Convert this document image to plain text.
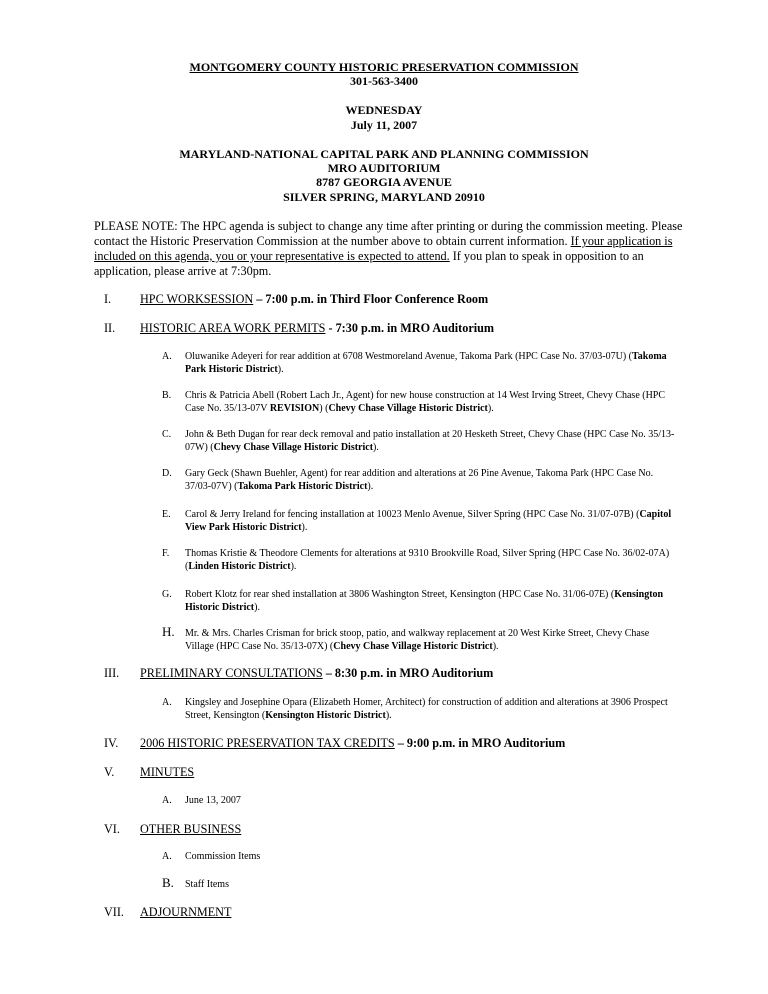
MONTGOMERY COUNTY HISTORIC PRESERVATION COMMISSION
301-563-3400
WEDNESDAY
July 11, 2007
MARYLAND-NATIONAL CAPITAL PARK AND PLANNING COMMISSION
MRO AUDITORIUM
8787 GEORGIA AVENUE
SILVER SPRING, MARYLAND 20910
PLEASE NOTE: The HPC agenda is subject to change any time after printing or during the commission meeting. Please contact the Historic Preservation Commission at the number above to obtain current information. If your application is included on this agenda, you or your representative is expected to attend. If you plan to speak in opposition to an application, please arrive at 7:30pm.
I. HPC WORKSESSION – 7:00 p.m. in Third Floor Conference Room
II. HISTORIC AREA WORK PERMITS - 7:30 p.m. in MRO Auditorium
A. Oluwanike Adeyeri for rear addition at 6708 Westmoreland Avenue, Takoma Park (HPC Case No. 37/03-07U) (Takoma Park Historic District).
B. Chris & Patricia Abell (Robert Lach Jr., Agent) for new house construction at 14 West Irving Street, Chevy Chase (HPC Case No. 35/13-07V REVISION) (Chevy Chase Village Historic District).
C. John & Beth Dugan for rear deck removal and patio installation at 20 Hesketh Street, Chevy Chase (HPC Case No. 35/13-07W) (Chevy Chase Village Historic District).
D. Gary Geck (Shawn Buehler, Agent) for rear addition and alterations at 26 Pine Avenue, Takoma Park (HPC Case No. 37/03-07V) (Takoma Park Historic District).
E. Carol & Jerry Ireland for fencing installation at 10023 Menlo Avenue, Silver Spring (HPC Case No. 31/07-07B) (Capitol View Park Historic District).
F. Thomas Kristie & Theodore Clements for alterations at 9310 Brookville Road, Silver Spring (HPC Case No. 36/02-07A) (Linden Historic District).
G. Robert Klotz for rear shed installation at 3806 Washington Street, Kensington (HPC Case No. 31/06-07E) (Kensington Historic District).
H. Mr. & Mrs. Charles Crisman for brick stoop, patio, and walkway replacement at 20 West Kirke Street, Chevy Chase Village (HPC Case No. 35/13-07X) (Chevy Chase Village Historic District).
III. PRELIMINARY CONSULTATIONS – 8:30 p.m. in MRO Auditorium
A. Kingsley and Josephine Opara (Elizabeth Homer, Architect) for construction of addition and alterations at 3906 Prospect Street, Kensington (Kensington Historic District).
IV. 2006 HISTORIC PRESERVATION TAX CREDITS – 9:00 p.m. in MRO Auditorium
V. MINUTES
A. June 13, 2007
VI. OTHER BUSINESS
A. Commission Items
B. Staff Items
VII. ADJOURNMENT
